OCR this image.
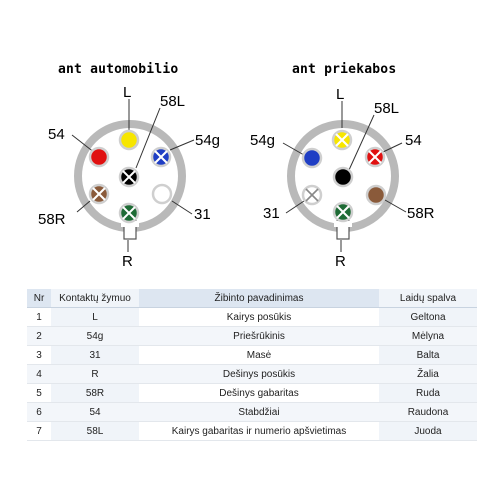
ant automobilio	ant priekabos
L
58L
54g
54
58R	31
R
L
58L
54g	54
31	58R
R
Nr	Kontaktų žymuo	Žibinto pavadinimas	Laidų spalva
1	L	Kairys posūkis	Geltona
2	54g	Priešrūkinis	Mėlyna
3	31	Masė	Balta
4	R	Dešinys posūkis	Žalia
5	58R	Dešinys gabaritas	Ruda
6	54	Stabdžiai	Raudona
7	58L	Kairys gabaritas ir numerio apšvietimas	Juoda
